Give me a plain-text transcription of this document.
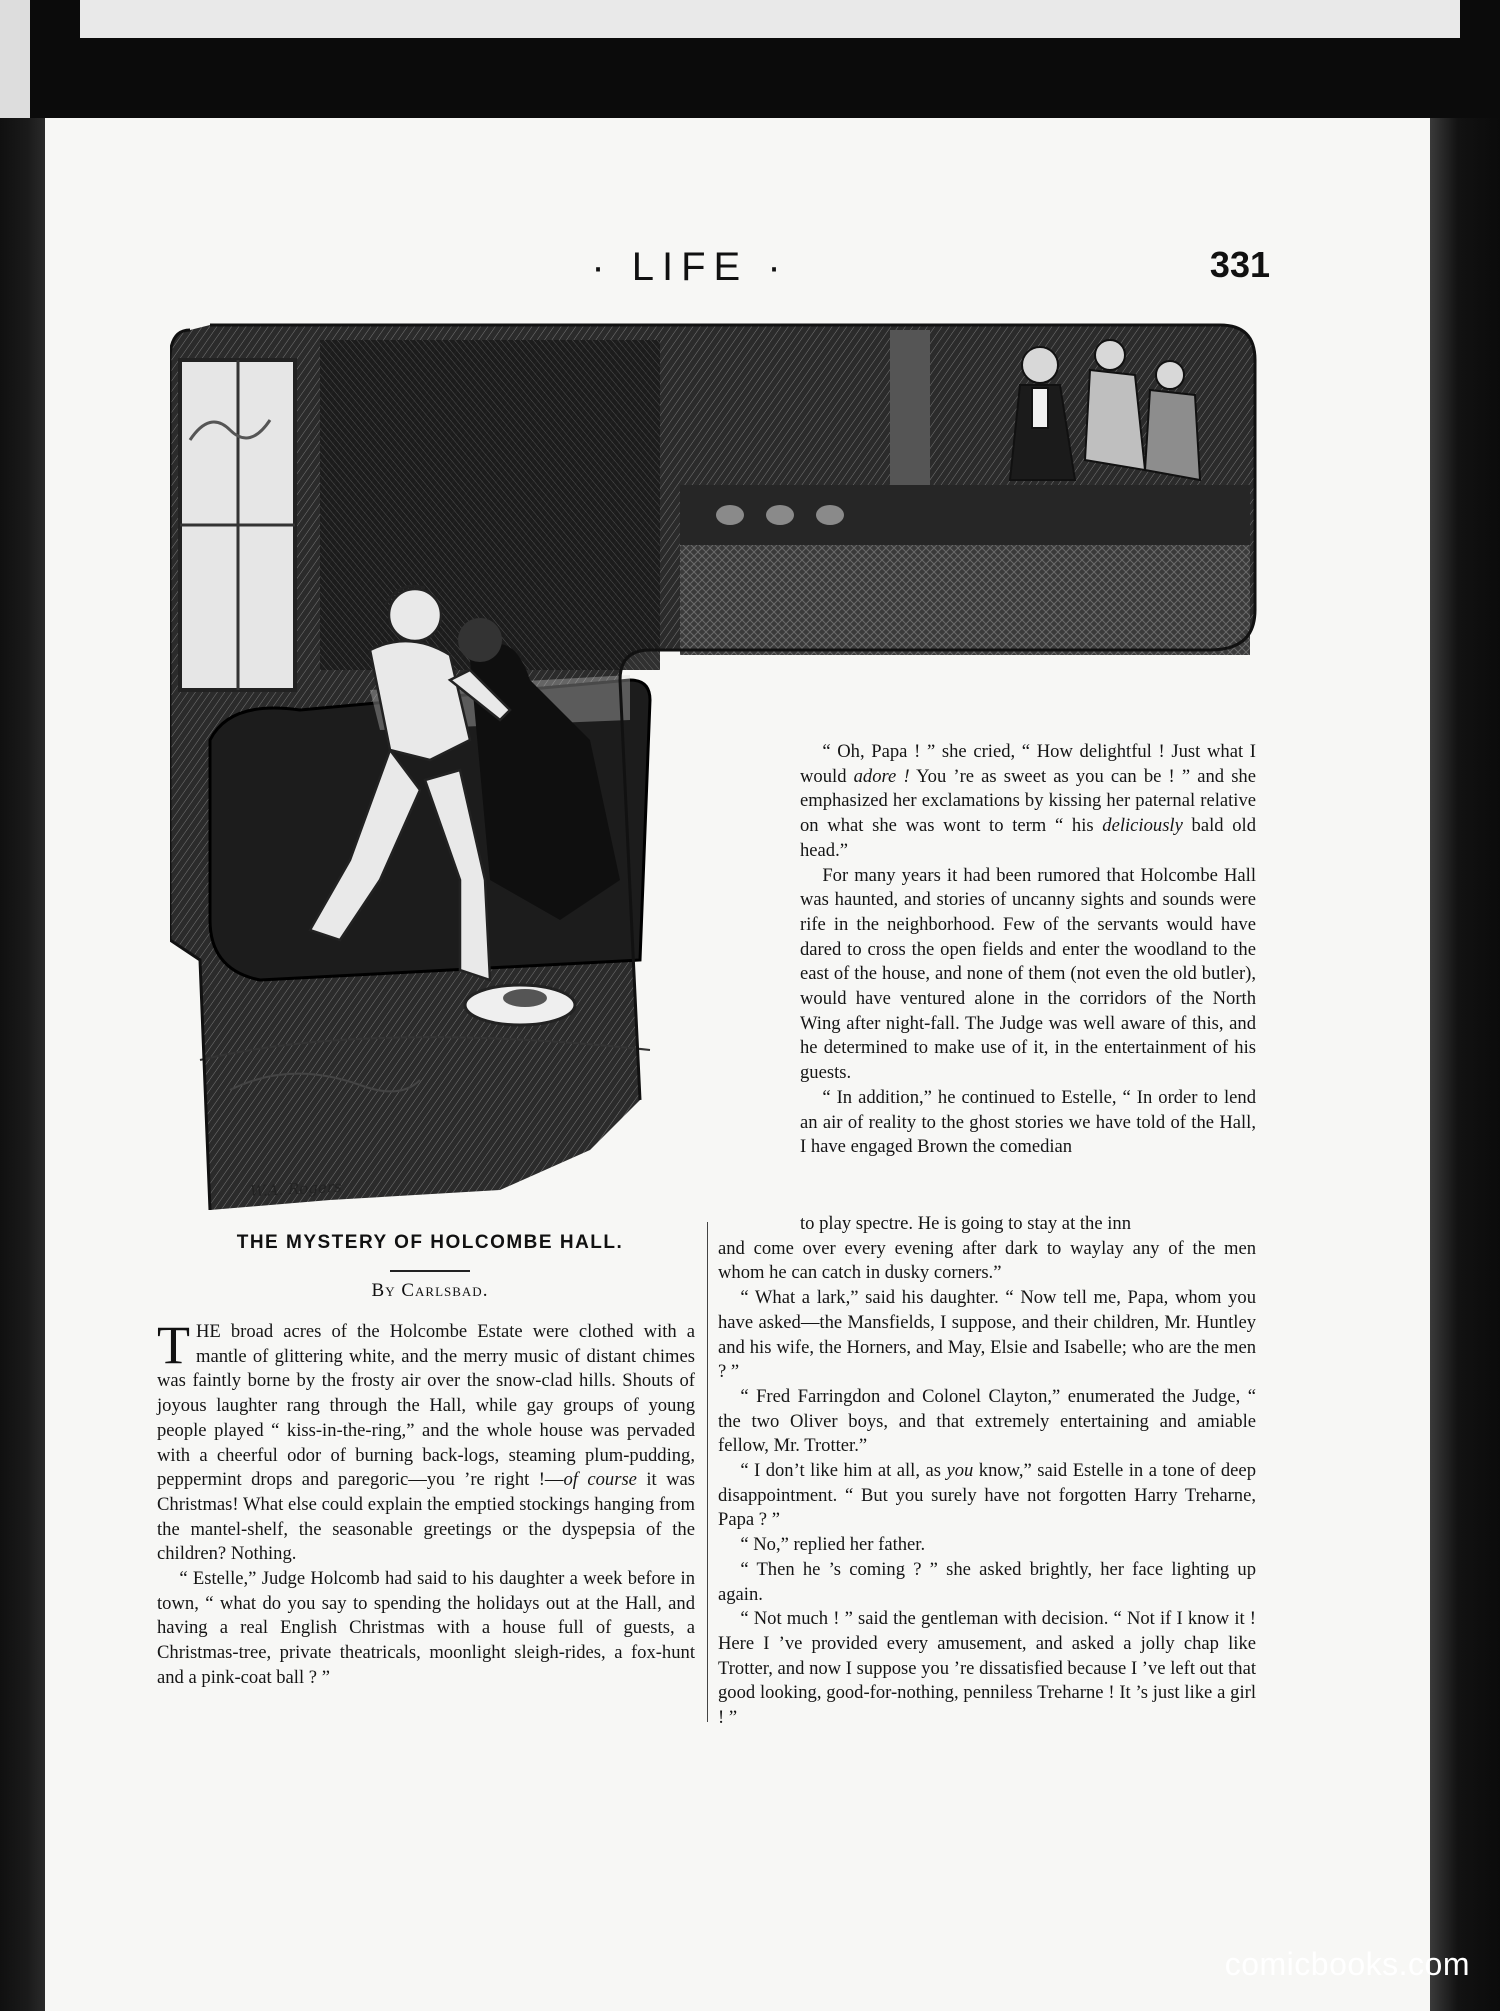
· LIFE ·	331
W.A. Rogers
THE MYSTERY OF HOLCOMBE HALL.
By Carlsbad.

THE broad acres of the Holcombe Estate were clothed with a mantle of glittering white, and the merry music of distant chimes was faintly borne by the frosty air over the snow-clad hills. Shouts of joyous laughter rang through the Hall, while gay groups of young people played “ kiss-in-the-ring,” and the whole house was pervaded with a cheerful odor of burning back-logs, steaming plum-pudding, peppermint drops and paregoric—you ’re right !—of course it was Christmas! What else could explain the emptied stockings hanging from the mantel-shelf, the seasonable greetings or the dyspepsia of the children? Nothing.

“ Estelle,” Judge Holcomb had said to his daughter a week before in town, “ what do you say to spending the holidays out at the Hall, and having a real English Christmas with a house full of guests, a Christmas-tree, private theatricals, moonlight sleigh-rides, a fox-hunt and a pink-coat ball ? ”

“ Oh, Papa ! ” she cried, “ How delightful ! Just what I would adore ! You ’re as sweet as you can be ! ” and she emphasized her exclamations by kissing her paternal relative on what she was wont to term “ his deliciously bald old head.”

For many years it had been rumored that Holcombe Hall was haunted, and stories of uncanny sights and sounds were rife in the neighborhood. Few of the servants would have dared to cross the open fields and enter the woodland to the east of the house, and none of them (not even the old butler), would have ventured alone in the corridors of the North Wing after night-fall. The Judge was well aware of this, and he determined to make use of it, in the entertainment of his guests.

“ In addition,” he continued to Estelle, “ In order to lend an air of reality to the ghost stories we have told of the Hall, I have engaged Brown the comedian

to play spectre. He is going to stay at the inn

and come over every evening after dark to waylay any of the men whom he can catch in dusky corners.”

“ What a lark,” said his daughter. “ Now tell me, Papa, whom you have asked—the Mansfields, I suppose, and their children, Mr. Huntley and his wife, the Horners, and May, Elsie and Isabelle; who are the men ? ”

“ Fred Farringdon and Colonel Clayton,” enumerated the Judge, “ the two Oliver boys, and that extremely entertaining and amiable fellow, Mr. Trotter.”

“ I don’t like him at all, as you know,” said Estelle in a tone of deep disappointment. “ But you surely have not forgotten Harry Treharne, Papa ? ”

“ No,” replied her father.

“ Then he ’s coming ? ” she asked brightly, her face lighting up again.

“ Not much ! ” said the gentleman with decision. “ Not if I know it ! Here I ’ve provided every amusement, and asked a jolly chap like Trotter, and now I suppose you ’re dissatisfied because I ’ve left out that good looking, good-for-nothing, penniless Treharne ! It ’s just like a girl ! ”

comicbooks.com
